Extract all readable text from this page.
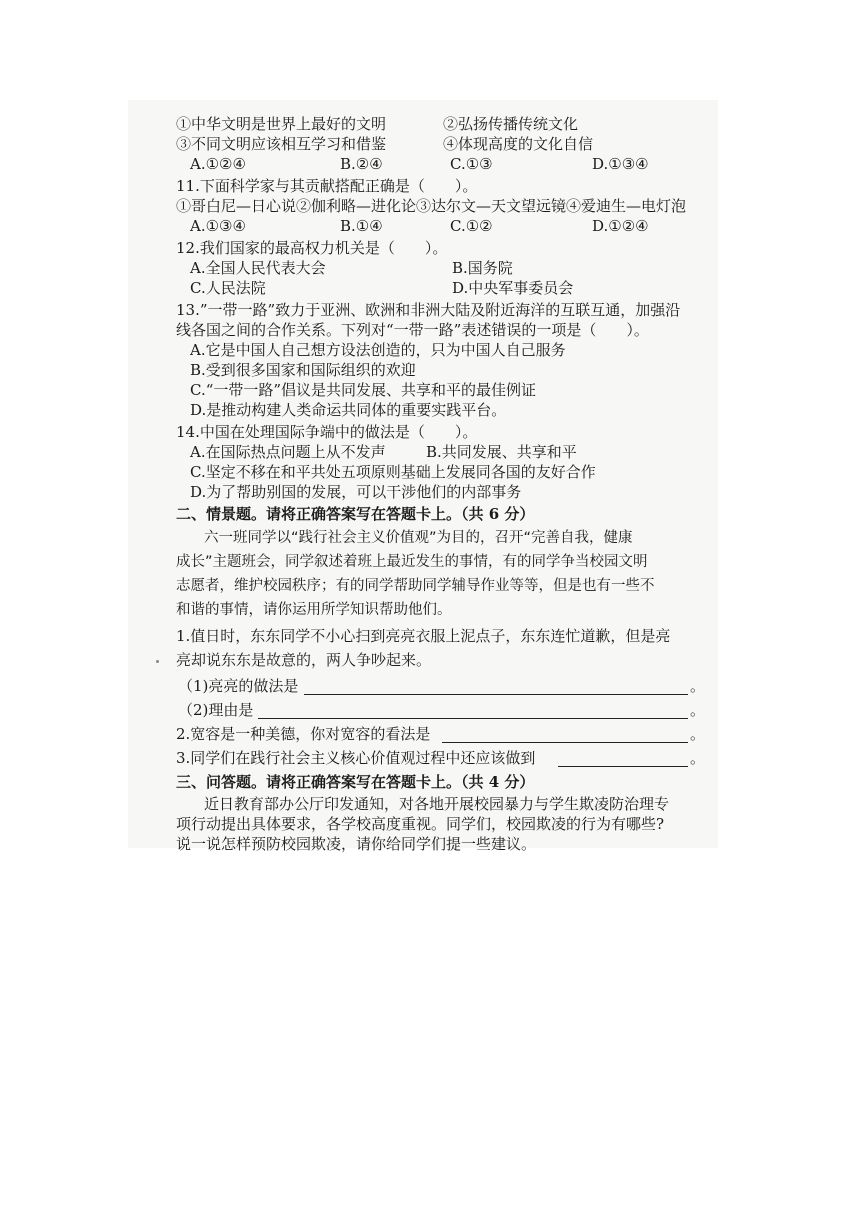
①中华文明是世界上最好的文明	②弘扬传播传统文化
③不同文明应该相互学习和借鉴	④体现高度的文化自信
A.①②④	B.②④	C.①③	D.①③④
11.下面科学家与其贡献搭配正确是（　　）。
①哥白尼—日心说②伽利略—进化论③达尔文—天文望远镜④爱迪生—电灯泡
A.①③④	B.①④	C.①②	D.①②④
12.我们国家的最高权力机关是（　　）。
A.全国人民代表大会	B.国务院
C.人民法院	D.中央军事委员会
13.”一带一路”致力于亚洲、欧洲和非洲大陆及附近海洋的互联互通，加强沿
线各国之间的合作关系。下列对“一带一路”表述错误的一项是（　　）。
A.它是中国人自己想方设法创造的，只为中国人自己服务
B.受到很多国家和国际组织的欢迎
C.“一带一路”倡议是共同发展、共享和平的最佳例证
D.是推动构建人类命运共同体的重要实践平台。
14.中国在处理国际争端中的做法是（　　）。
A.在国际热点问题上从不发声	B.共同发展、共享和平
C.坚定不移在和平共处五项原则基础上发展同各国的友好合作
D.为了帮助别国的发展，可以干涉他们的内部事务
二、情景题。请将正确答案写在答题卡上。（共 6 分）
六一班同学以“践行社会主义价值观”为目的，召开“完善自我，健康
成长”主题班会，同学叙述着班上最近发生的事情，有的同学争当校园文明
志愿者，维护校园秩序；有的同学帮助同学辅导作业等等，但是也有一些不
和谐的事情，请你运用所学知识帮助他们。
1.值日时，东东同学不小心扫到亮亮衣服上泥点子，东东连忙道歉，但是亮
亮却说东东是故意的，两人争吵起来。
（1)亮亮的做法是	。
（2)理由是	。
2.宽容是一种美德，你对宽容的看法是	。
3.同学们在践行社会主义核心价值观过程中还应该做到	。
三、问答题。请将正确答案写在答题卡上。（共 4 分）
近日教育部办公厅印发通知，对各地开展校园暴力与学生欺凌防治理专
项行动提出具体要求，各学校高度重视。同学们，校园欺凌的行为有哪些?
说一说怎样预防校园欺凌，请你给同学们提一些建议。
